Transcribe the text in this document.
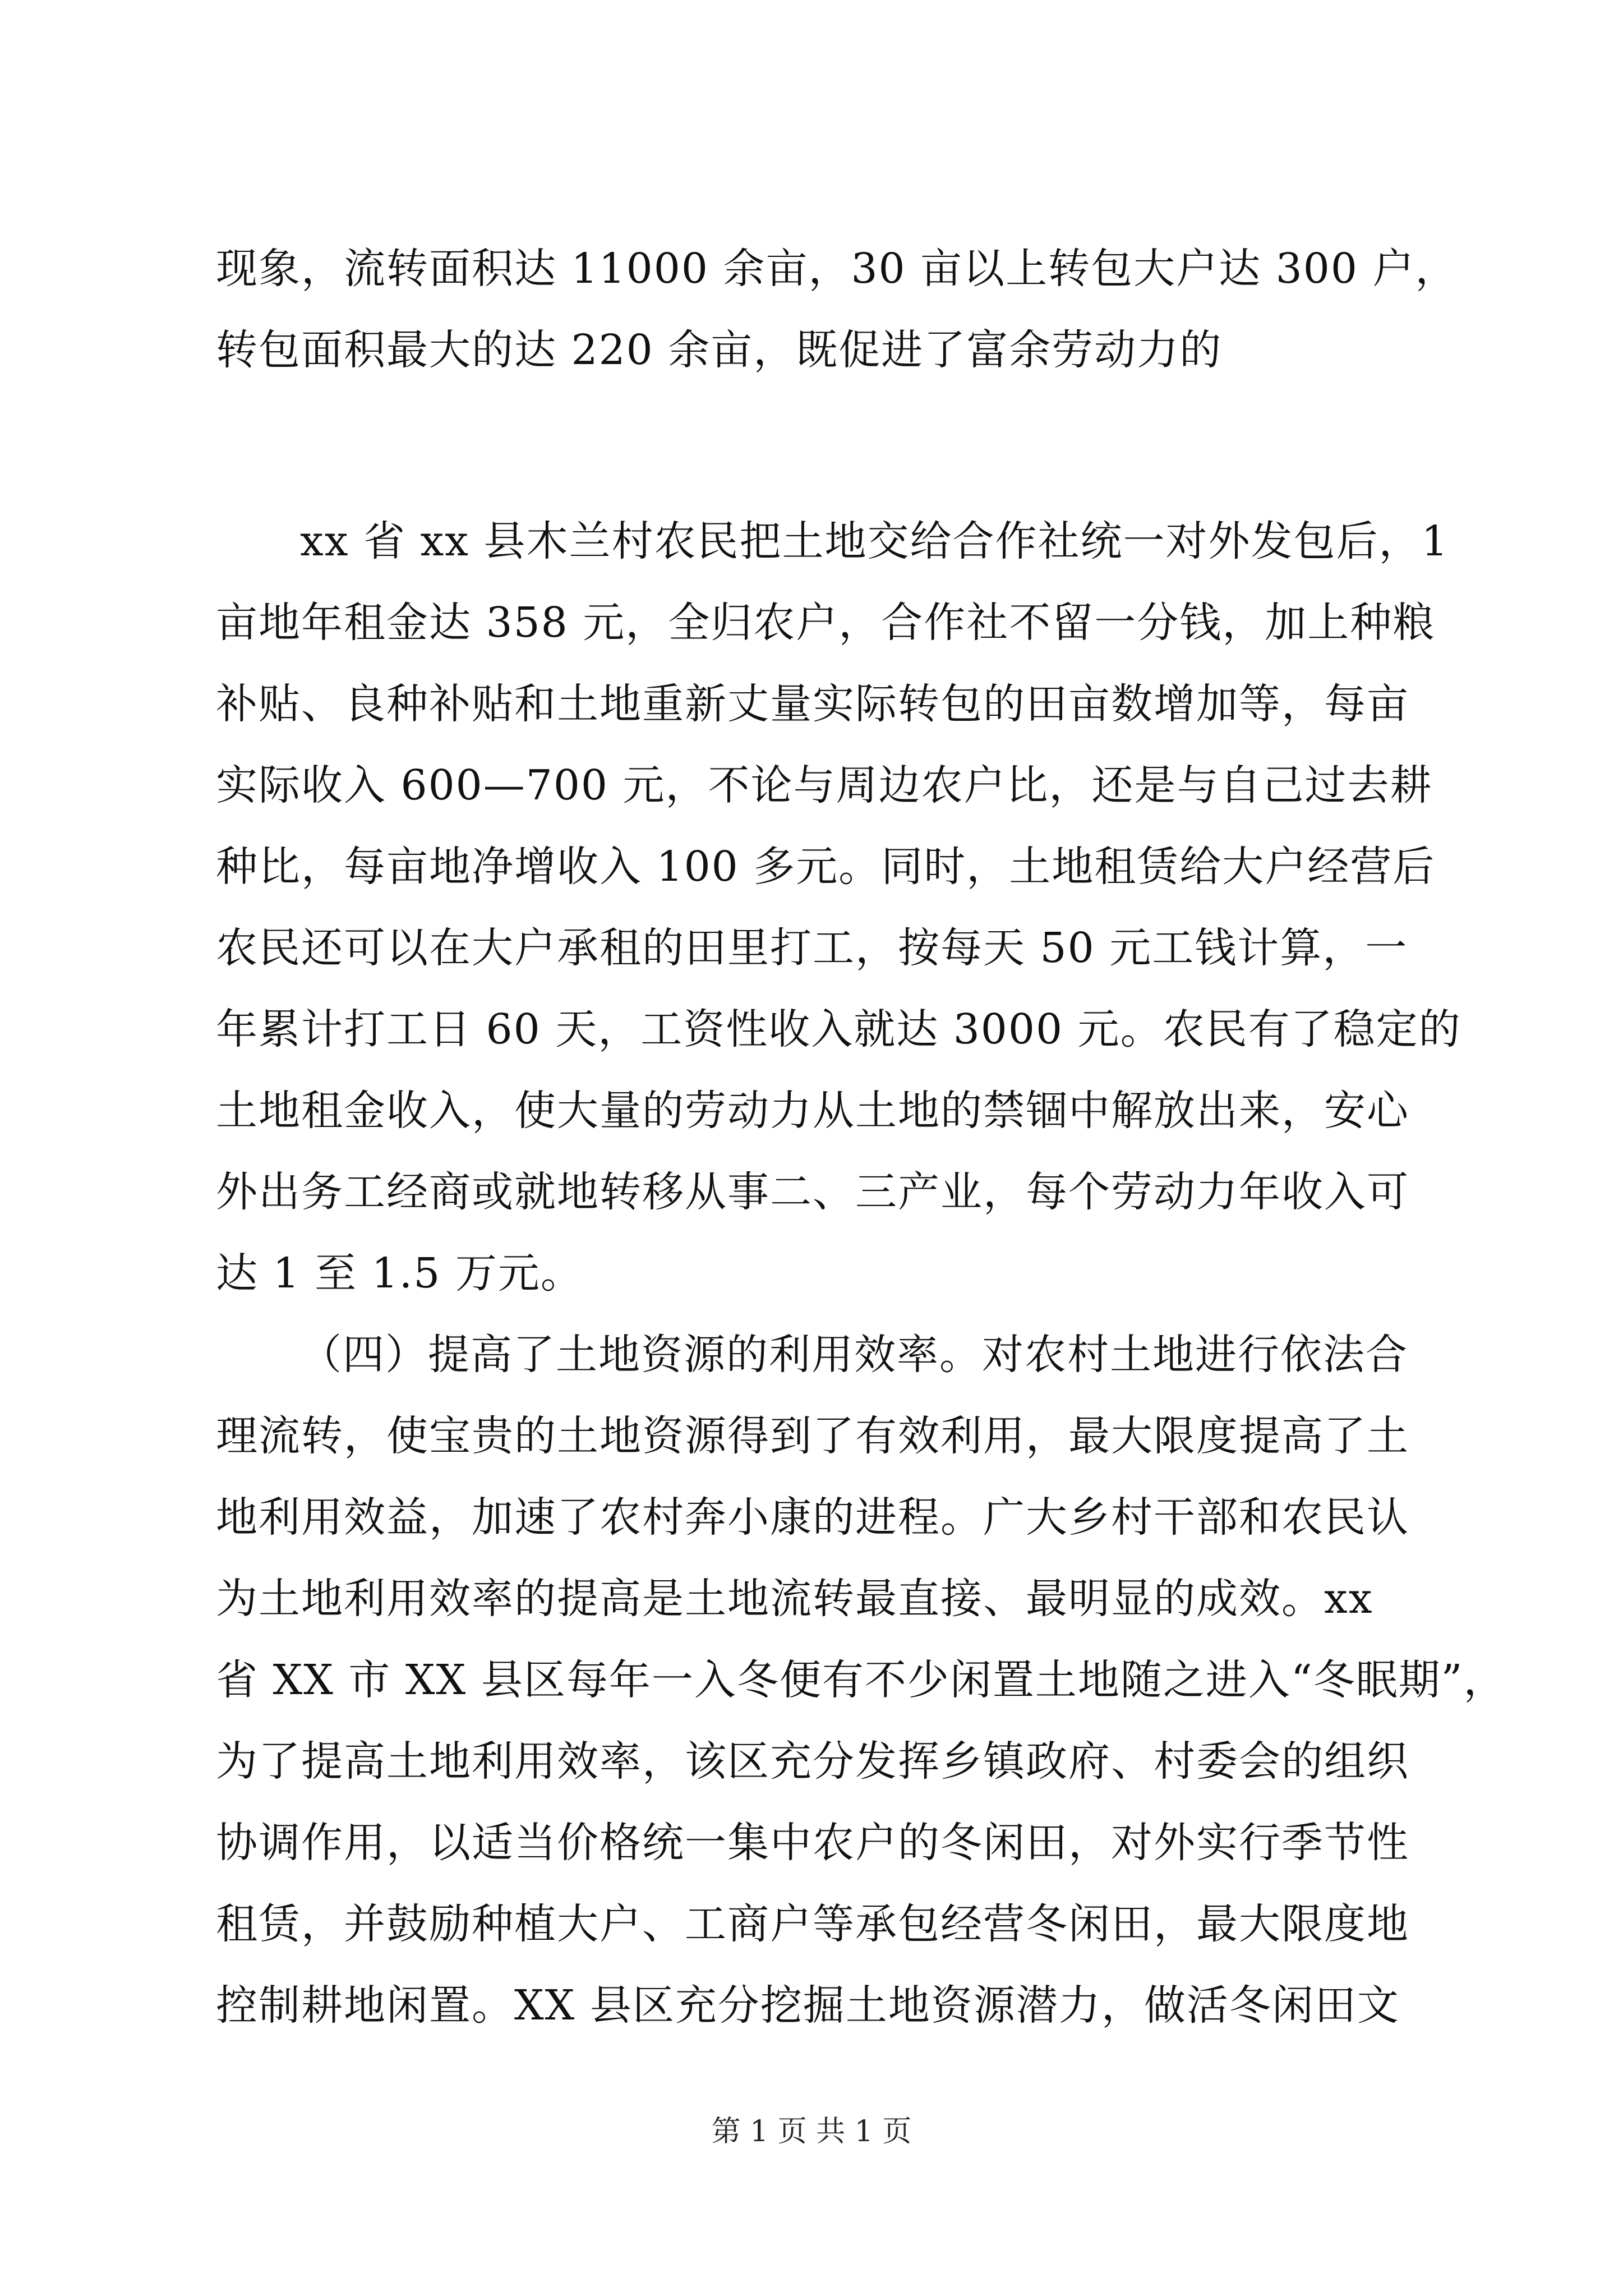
现象，流转面积达 11000 余亩，30 亩以上转包大户达 300 户，
转包面积最大的达 220 余亩，既促进了富余劳动力的
xx 省 xx 县木兰村农民把土地交给合作社统一对外发包后，1
亩地年租金达 358 元，全归农户，合作社不留一分钱，加上种粮
补贴、良种补贴和土地重新丈量实际转包的田亩数增加等，每亩
实际收入 600—700 元，不论与周边农户比，还是与自己过去耕
种比，每亩地净增收入 100 多元。同时，土地租赁给大户经营后
农民还可以在大户承租的田里打工，按每天 50 元工钱计算，一
年累计打工日 60 天，工资性收入就达 3000 元。农民有了稳定的
土地租金收入，使大量的劳动力从土地的禁锢中解放出来，安心
外出务工经商或就地转移从事二、三产业，每个劳动力年收入可
达 1 至 1.5 万元。
（四）提高了土地资源的利用效率。对农村土地进行依法合
理流转，使宝贵的土地资源得到了有效利用，最大限度提高了土
地利用效益，加速了农村奔小康的进程。广大乡村干部和农民认
为土地利用效率的提高是土地流转最直接、最明显的成效。xx
省 XX 市 XX 县区每年一入冬便有不少闲置土地随之进入“冬眠期”，
为了提高土地利用效率，该区充分发挥乡镇政府、村委会的组织
协调作用，以适当价格统一集中农户的冬闲田，对外实行季节性
租赁，并鼓励种植大户、工商户等承包经营冬闲田，最大限度地
控制耕地闲置。XX 县区充分挖掘土地资源潜力，做活冬闲田文
第 1 页 共 1 页
